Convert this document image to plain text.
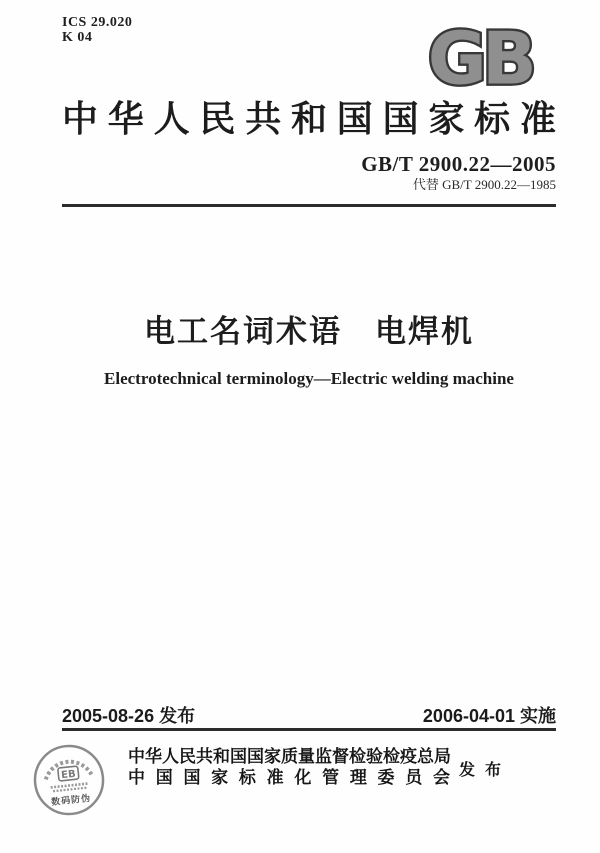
ICS 29.020
K 04	GB
中华人民共和国国家标准
GB/T 2900.22—2005
代替 GB/T 2900.22—1985
电工名词术语　电焊机
Electrotechnical terminology—Electric welding machine
2005-08-26 发布	2006-04-01 实施
EB
数码防伪
中华人民共和国国家质量监督检验检疫总局
中国国家标准化管理委员会 发布
